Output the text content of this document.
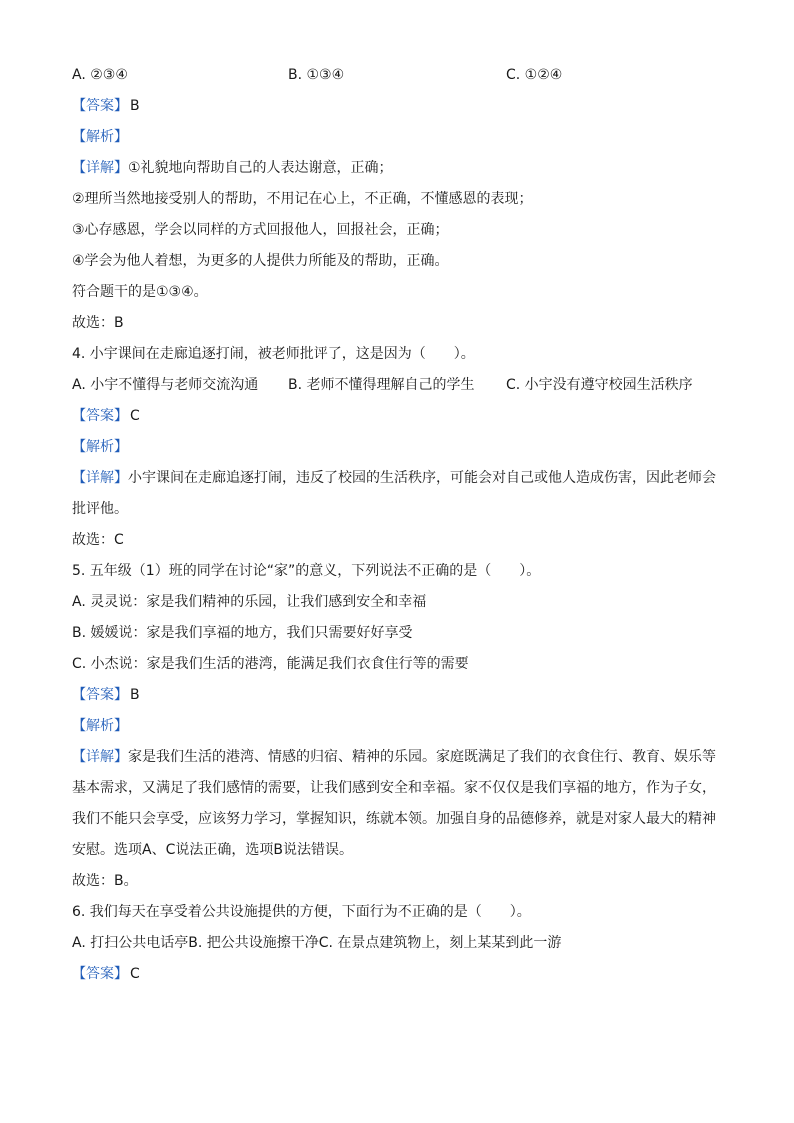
A. ②③④	B. ①③④	C. ①②④
【答案】 B
【解析】
【详解】①礼貌地向帮助自己的人表达谢意，正确；
②理所当然地接受别人的帮助，不用记在心上，不正确，不懂感恩的表现；
③心存感恩，学会以同样的方式回报他人，回报社会，正确；
④学会为他人着想，为更多的人提供力所能及的帮助，正确。
符合题干的是①③④。
故选：B
4. 小宇课间在走廊追逐打闹，被老师批评了，这是因为（　　）。
A. 小宇不懂得与老师交流沟通	B. 老师不懂得理解自己的学生	C. 小宇没有遵守校园生活秩序
【答案】 C
【解析】
【详解】小宇课间在走廊追逐打闹，违反了校园的生活秩序，可能会对自己或他人造成伤害，因此老师会批评他。
故选：C
5. 五年级（1）班的同学在讨论“家”的意义，下列说法不正确的是（　　）。
A. 灵灵说：家是我们精神的乐园，让我们感到安全和幸福
B. 媛媛说：家是我们享福的地方，我们只需要好好享受
C. 小杰说：家是我们生活的港湾，能满足我们衣食住行等的需要
【答案】 B
【解析】
【详解】家是我们生活的港湾、情感的归宿、精神的乐园。家庭既满足了我们的衣食住行、教育、娱乐等基本需求，又满足了我们感情的需要，让我们感到安全和幸福。家不仅仅是我们享福的地方，作为子女，我们不能只会享受，应该努力学习，掌握知识，练就本领。加强自身的品德修养，就是对家人最大的精神安慰。选项A、C说法正确，选项B说法错误。
故选：B。
6. 我们每天在享受着公共设施提供的方便，下面行为不正确的是（　　）。
A. 打扫公共电话亭B. 把公共设施擦干净C. 在景点建筑物上，刻上某某到此一游
【答案】 C
